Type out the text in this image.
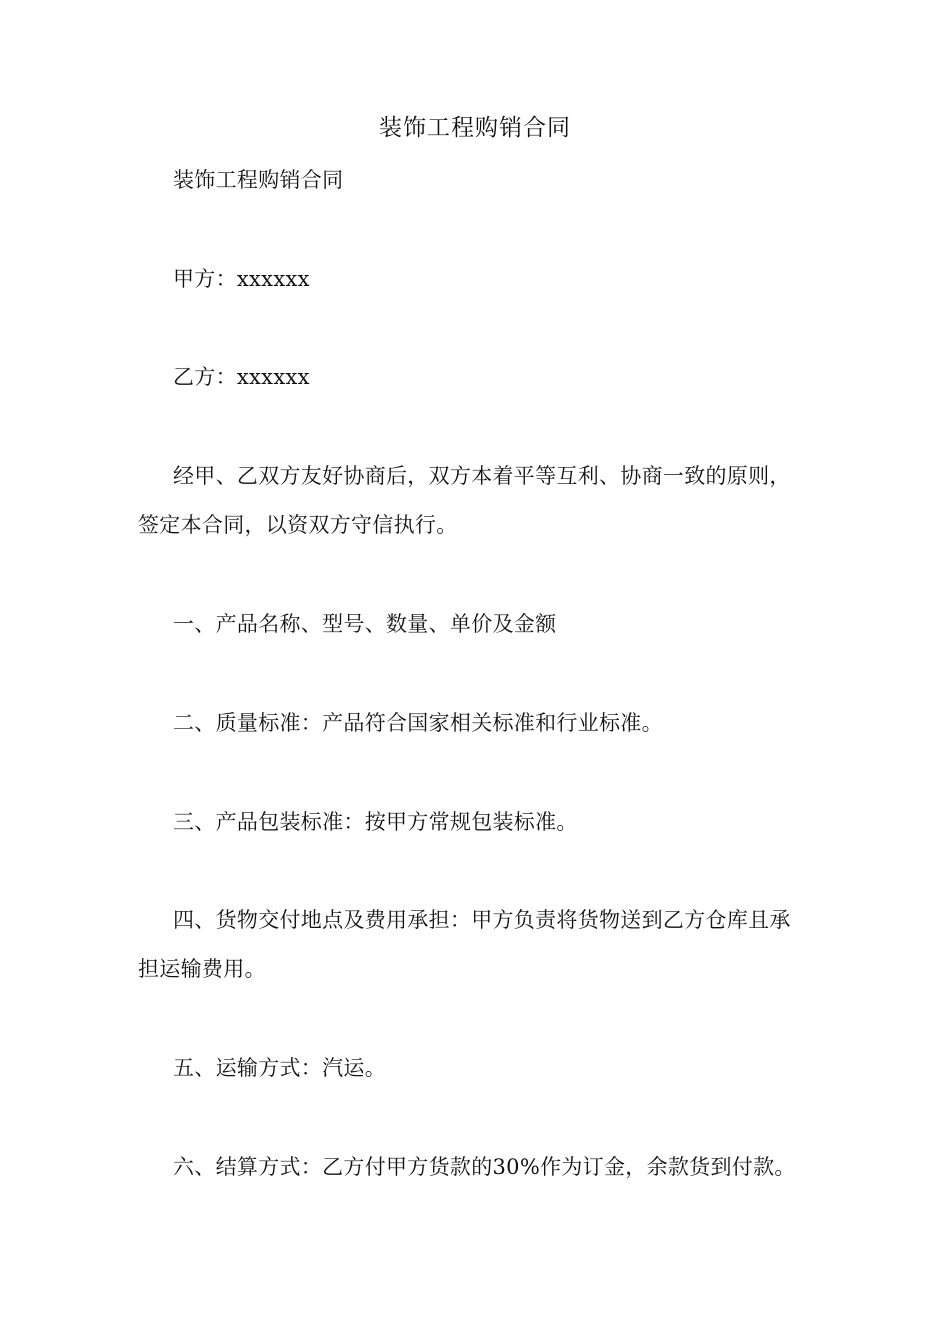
装饰工程购销合同
装饰工程购销合同
甲方：xxxxxx
乙方：xxxxxx
经甲、乙双方友好协商后，双方本着平等互利、协商一致的原则，签定本合同，以资双方守信执行。
一、产品名称、型号、数量、单价及金额
二、质量标准：产品符合国家相关标准和行业标准。
三、产品包装标准：按甲方常规包装标准。
四、货物交付地点及费用承担：甲方负责将货物送到乙方仓库且承担运输费用。
五、运输方式：汽运。
六、结算方式：乙方付甲方货款的30%作为订金，余款货到付款。
